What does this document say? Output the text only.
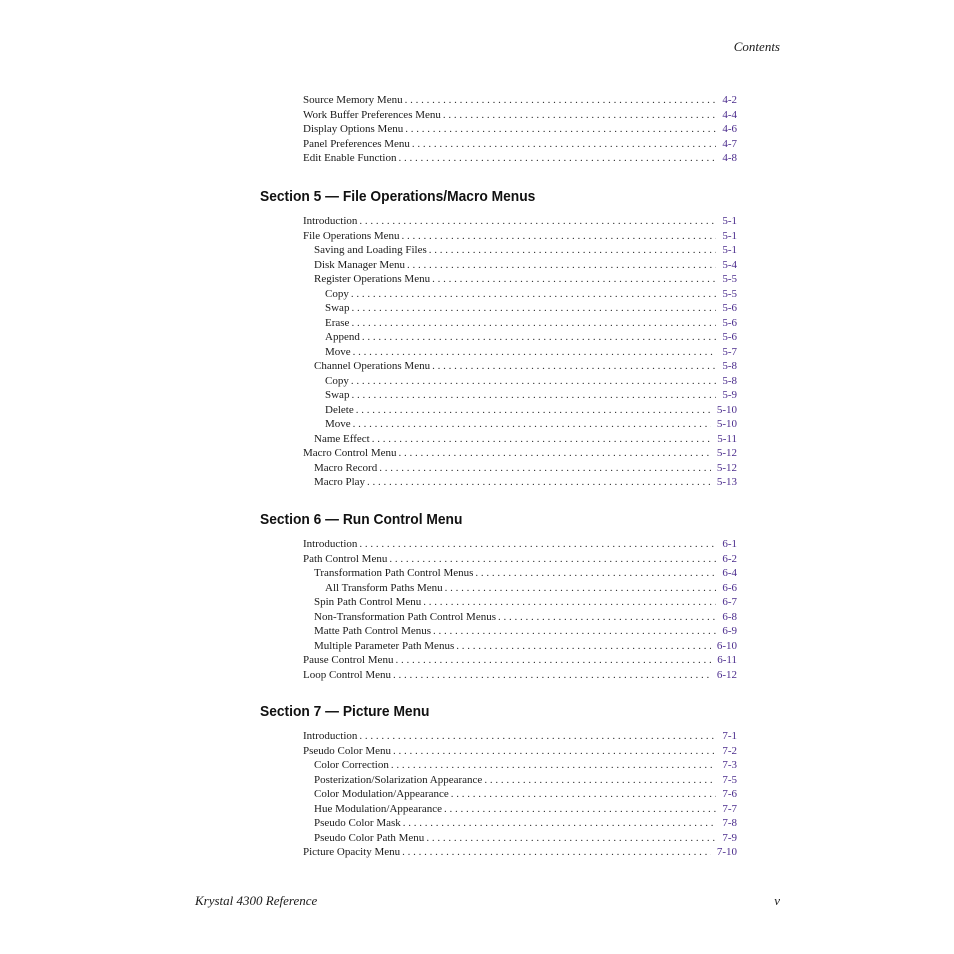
Contents
Source Memory Menu . . .	4-2
Work Buffer Preferences Menu . . .	4-4
Display Options Menu . . .	4-6
Panel Preferences Menu . . .	4-7
Edit Enable Function . . .	4-8
Section 5 — File Operations/Macro Menus
Introduction . . .	5-1
File Operations Menu . . .	5-1
Saving and Loading Files . . .	5-1
Disk Manager Menu . . .	5-4
Register Operations Menu . . .	5-5
Copy . . .	5-5
Swap . . .	5-6
Erase . . .	5-6
Append . . .	5-6
Move . . .	5-7
Channel Operations Menu . . .	5-8
Copy . . .	5-8
Swap . . .	5-9
Delete . . .	5-10
Move . . .	5-10
Name Effect . . .	5-11
Macro Control Menu . . .	5-12
Macro Record . . .	5-12
Macro Play . . .	5-13
Section 6 — Run Control Menu
Introduction . . .	6-1
Path Control Menu . . .	6-2
Transformation Path Control Menus . . .	6-4
All Transform Paths Menu . . .	6-6
Spin Path Control Menu . . .	6-7
Non-Transformation Path Control Menus . . .	6-8
Matte Path Control Menus . . .	6-9
Multiple Parameter Path Menus . . .	6-10
Pause Control Menu . . .	6-11
Loop Control Menu . . .	6-12
Section 7 — Picture Menu
Introduction . . .	7-1
Pseudo Color Menu . . .	7-2
Color Correction . . .	7-3
Posterization/Solarization Appearance . . .	7-5
Color Modulation/Appearance . . .	7-6
Hue Modulation/Appearance . . .	7-7
Pseudo Color Mask . . .	7-8
Pseudo Color Path Menu . . .	7-9
Picture Opacity Menu . . .	7-10
Krystal 4300 Reference	v
